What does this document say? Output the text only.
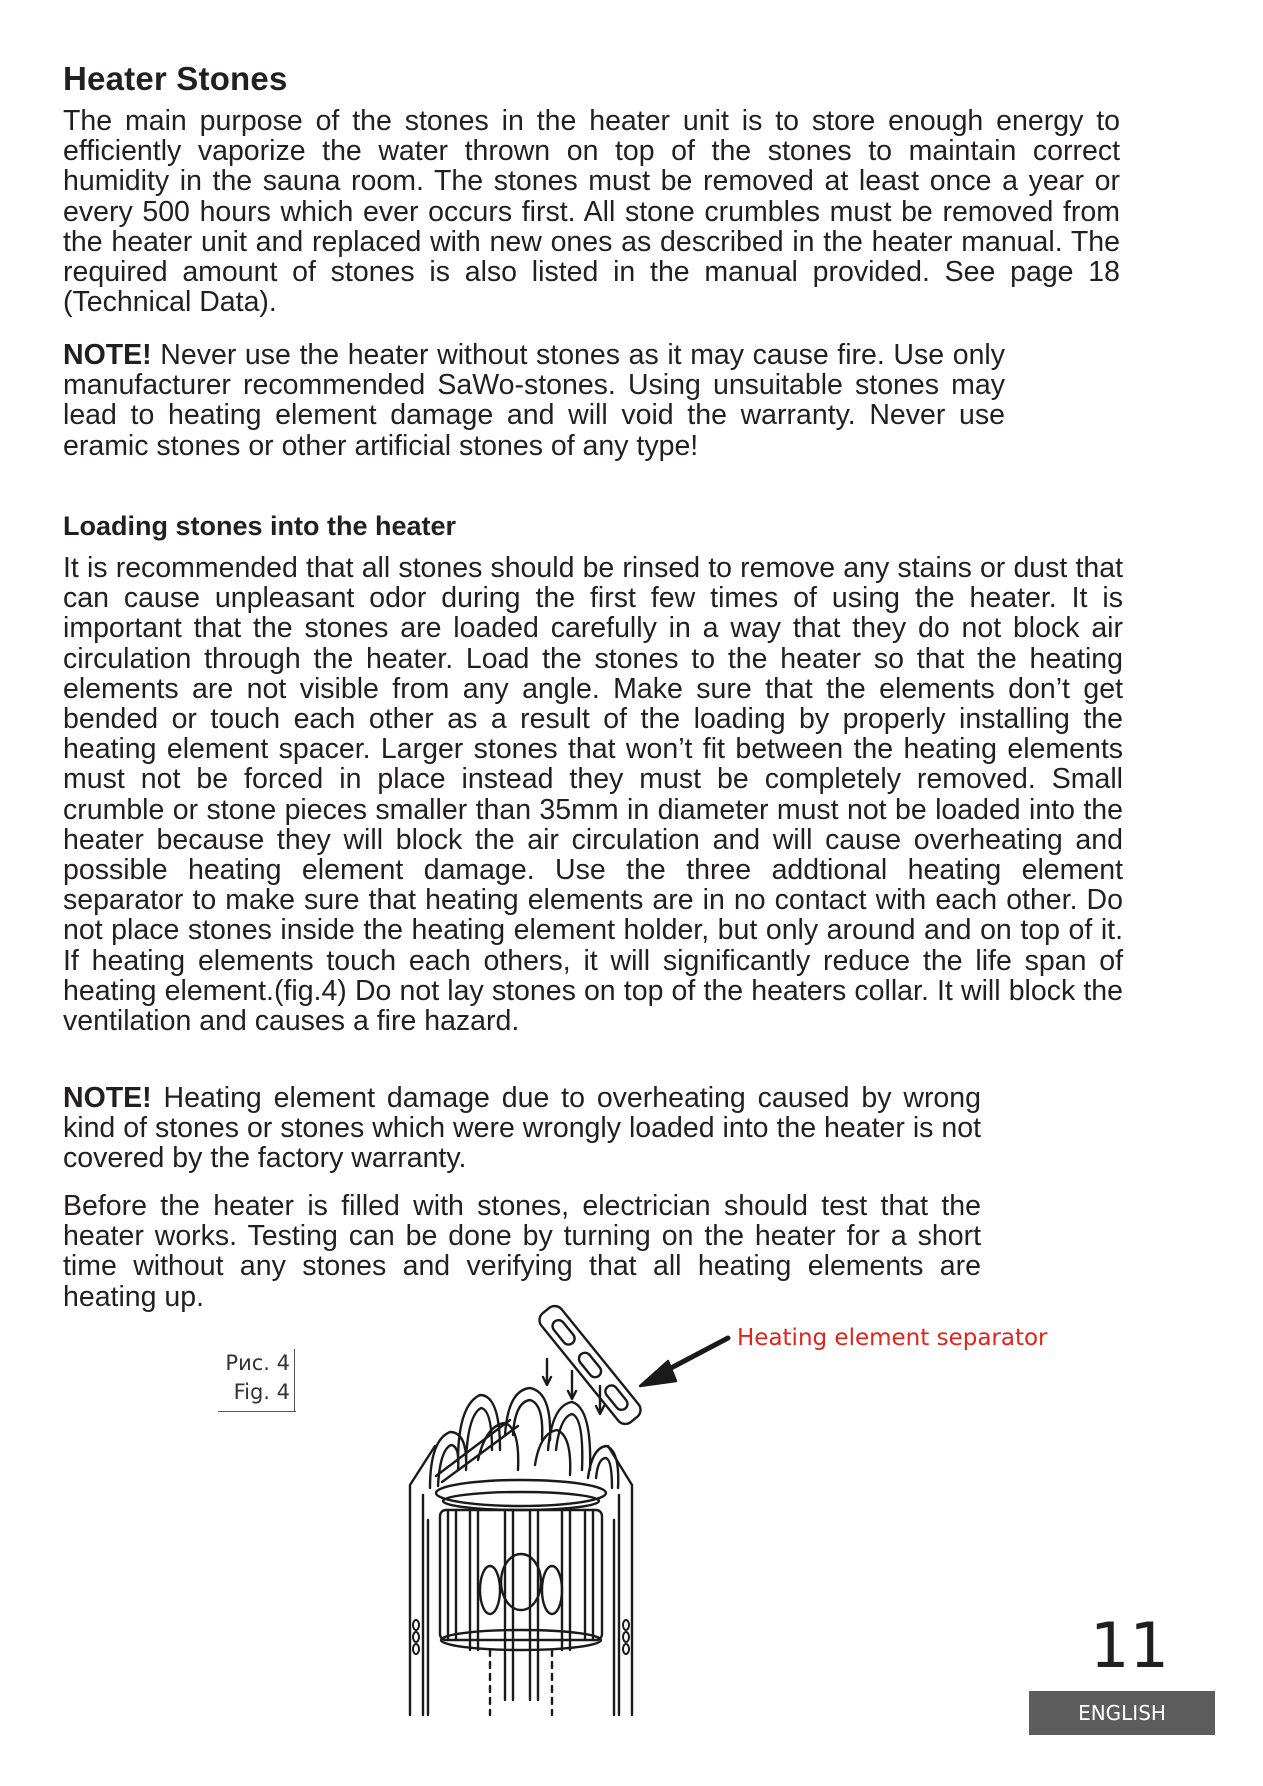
Heater Stones

The main purpose of the stones in the heater unit is to store enough energy to efficiently vaporize the water thrown on top of the stones to maintain correct humidity in the sauna room. The stones must be removed at least once a year or every 500 hours which ever occurs first. All stone crumbles must be removed from the heater unit and replaced with new ones as described in the heater manual. The required amount of stones is also listed in the manual provided. See page 18 (Technical Data).

NOTE! Never use the heater without stones as it may cause fire. Use only manufacturer recommended SaWo-stones. Using unsuitable stones may lead to heating element damage and will void the warranty. Never use eramic stones or other artificial stones of any type!

Loading stones into the heater

It is recommended that all stones should be rinsed to remove any stains or dust that can cause unpleasant odor during the first few times of using the heater. It is important that the stones are loaded carefully in a way that they do not block air circulation through the heater. Load the stones to the heater so that the heating elements are not visible from any angle. Make sure that the elements don’t get bended or touch each other as a result of the loading by properly installing the heating element spacer. Larger stones that won’t fit between the heating elements must not be forced in place instead they must be completely removed. Small crumble or stone pieces smaller than 35mm in diameter must not be loaded into the heater because they will block the air circulation and will cause overheating and possible heating element damage. Use the three addtional heating element separator to make sure that heating elements are in no contact with each other. Do not place stones inside the heating element holder, but only around and on top of it. If heating elements touch each others, it will significantly reduce the life span of heating element.(fig.4) Do not lay stones on top of the heaters collar. It will block the ventilation and causes a fire hazard.

NOTE! Heating element damage due to overheating caused by wrong kind of stones or stones which were wrongly loaded into the heater is not covered by the factory warranty.

Before the heater is filled with stones, electrician should test that the heater works. Testing can be done by turning on the heater for a short time without any stones and verifying that all heating elements are heating up.

Рис. 4
Fig. 4
Heating element separator
11
ENGLISH
